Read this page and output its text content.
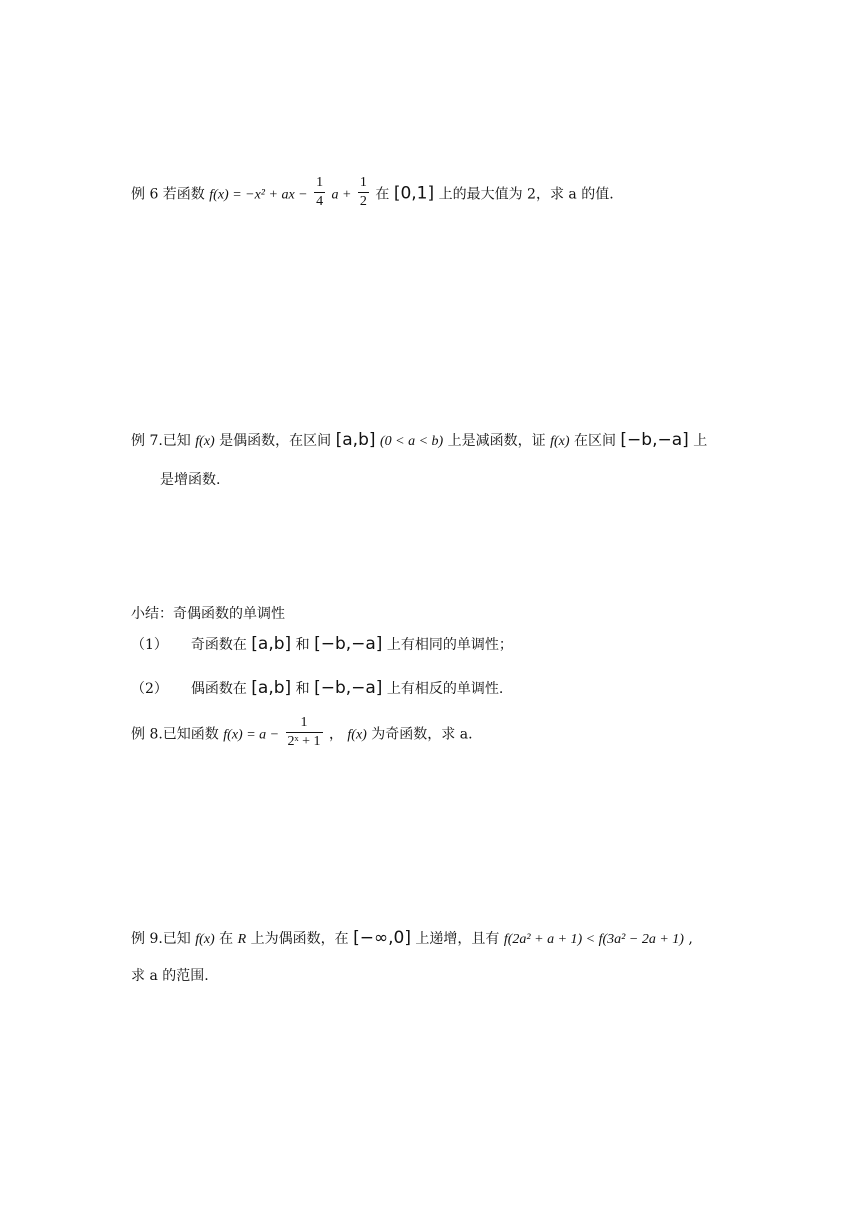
例 6 若函数 f(x) = −x² + ax − $\frac{1}{4}$ $a + \frac{1}{2}$ 在 [0,1] 上的最大值为 2，求 a 的值.
例 7.已知 f(x) 是偶函数，在区间 [a,b] (0 < a < b) 上是减函数，证 f(x) 在区间 [−b,−a] 上
是增函数.
小结：奇偶函数的单调性
（1） 奇函数在 [a,b] 和 [−b,−a] 上有相同的单调性；
（2） 偶函数在 [a,b] 和 [−b,−a] 上有相反的单调性.
例 8.已知函数 $f(x) = a - \frac{1}{\text{2ˣ + 1}}$ ， f(x) 为奇函数，求 a.
例 9.已知 f(x) 在 R 上为偶函数，在 [−∞,0] 上递增，且有 f(2a² + a + 1) < f(3a² − 2a + 1) ,
求 a 的范围.
